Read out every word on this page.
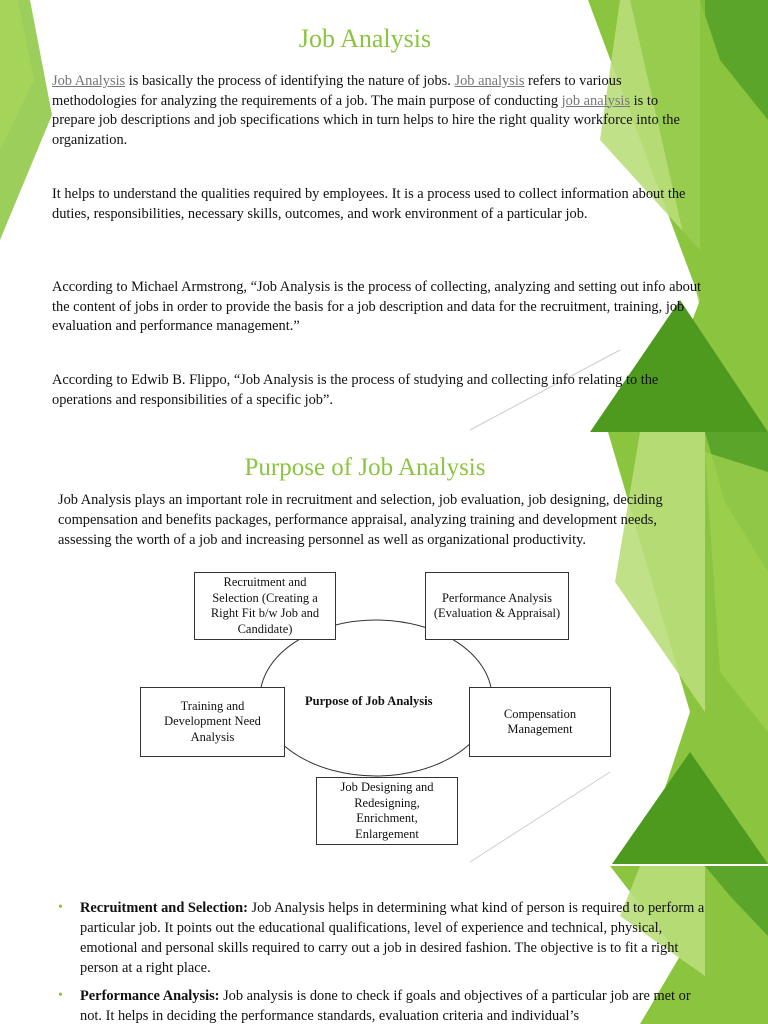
Job Analysis

Job Analysis is basically the process of identifying the nature of jobs. Job analysis refers to various methodologies for analyzing the requirements of a job. The main purpose of conducting job analysis is to prepare job descriptions and job specifications which in turn helps to hire the right quality workforce into the organization.

It helps to understand the qualities required by employees. It is a process used to collect information about the duties, responsibilities, necessary skills, outcomes, and work environment of a particular job.

According to Michael Armstrong, “Job Analysis is the process of collecting, analyzing and setting out info about the content of jobs in order to provide the basis for a job description and data for the recruitment, training, job evaluation and performance management.”

According to Edwib B. Flippo, “Job Analysis is the process of studying and collecting info relating to the operations and responsibilities of a specific job”.

Purpose of Job Analysis

Job Analysis plays an important role in recruitment and selection, job evaluation, job designing, deciding compensation and benefits packages, performance appraisal, analyzing training and development needs, assessing the worth of a job and increasing personnel as well as organizational productivity.

Recruitment and Selection (Creating a Right Fit b/w Job and Candidate)
Performance Analysis (Evaluation & Appraisal)
Training and Development Need Analysis
Compensation Management
Job Designing and Redesigning, Enrichment, Enlargement
Purpose of Job Analysis
• Recruitment and Selection: Job Analysis helps in determining what kind of person is required to perform a particular job. It points out the educational qualifications, level of experience and technical, physical, emotional and personal skills required to carry out a job in desired fashion. The objective is to fit a right person at a right place.
• Performance Analysis: Job analysis is done to check if goals and objectives of a particular job are met or not. It helps in deciding the performance standards, evaluation criteria and individual’s
